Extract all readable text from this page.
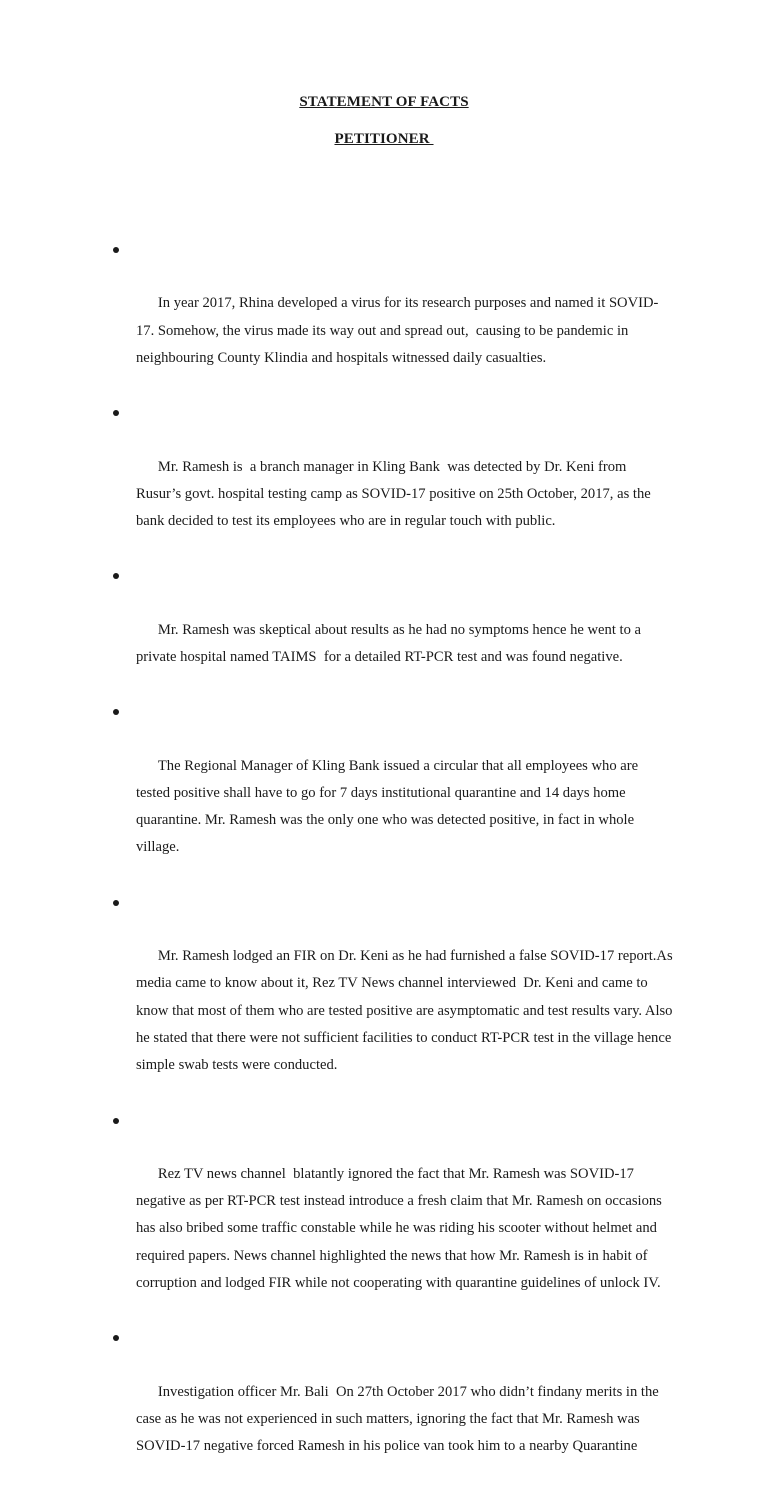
STATEMENT OF FACTS
PETITIONER

In year 2017, Rhina developed a virus for its research purposes and named it SOVID-17. Somehow, the virus made its way out and spread out,  causing to be pandemic in neighbouring County Klindia and hospitals witnessed daily casualties.

Mr. Ramesh is  a branch manager in Kling Bank  was detected by Dr. Keni from Rusur’s govt. hospital testing camp as SOVID-17 positive on 25th October, 2017, as the bank decided to test its employees who are in regular touch with public.

Mr. Ramesh was skeptical about results as he had no symptoms hence he went to a private hospital named TAIMS  for a detailed RT-PCR test and was found negative.

The Regional Manager of Kling Bank issued a circular that all employees who are tested positive shall have to go for 7 days institutional quarantine and 14 days home quarantine. Mr. Ramesh was the only one who was detected positive, in fact in whole village.

Mr. Ramesh lodged an FIR on Dr. Keni as he had furnished a false SOVID-17 report.As media came to know about it, Rez TV News channel interviewed  Dr. Keni and came to know that most of them who are tested positive are asymptomatic and test results vary. Also he stated that there were not sufficient facilities to conduct RT-PCR test in the village hence simple swab tests were conducted.

Rez TV news channel  blatantly ignored the fact that Mr. Ramesh was SOVID-17 negative as per RT-PCR test instead introduce a fresh claim that Mr. Ramesh on occasions has also bribed some traffic constable while he was riding his scooter without helmet and required papers. News channel highlighted the news that how Mr. Ramesh is in habit of corruption and lodged FIR while not cooperating with quarantine guidelines of unlock IV.

Investigation officer Mr. Bali  On 27th October 2017 who didn’t findany merits in the case as he was not experienced in such matters, ignoring the fact that Mr. Ramesh was SOVID-17 negative forced Ramesh in his police van took him to a nearby Quarantine
